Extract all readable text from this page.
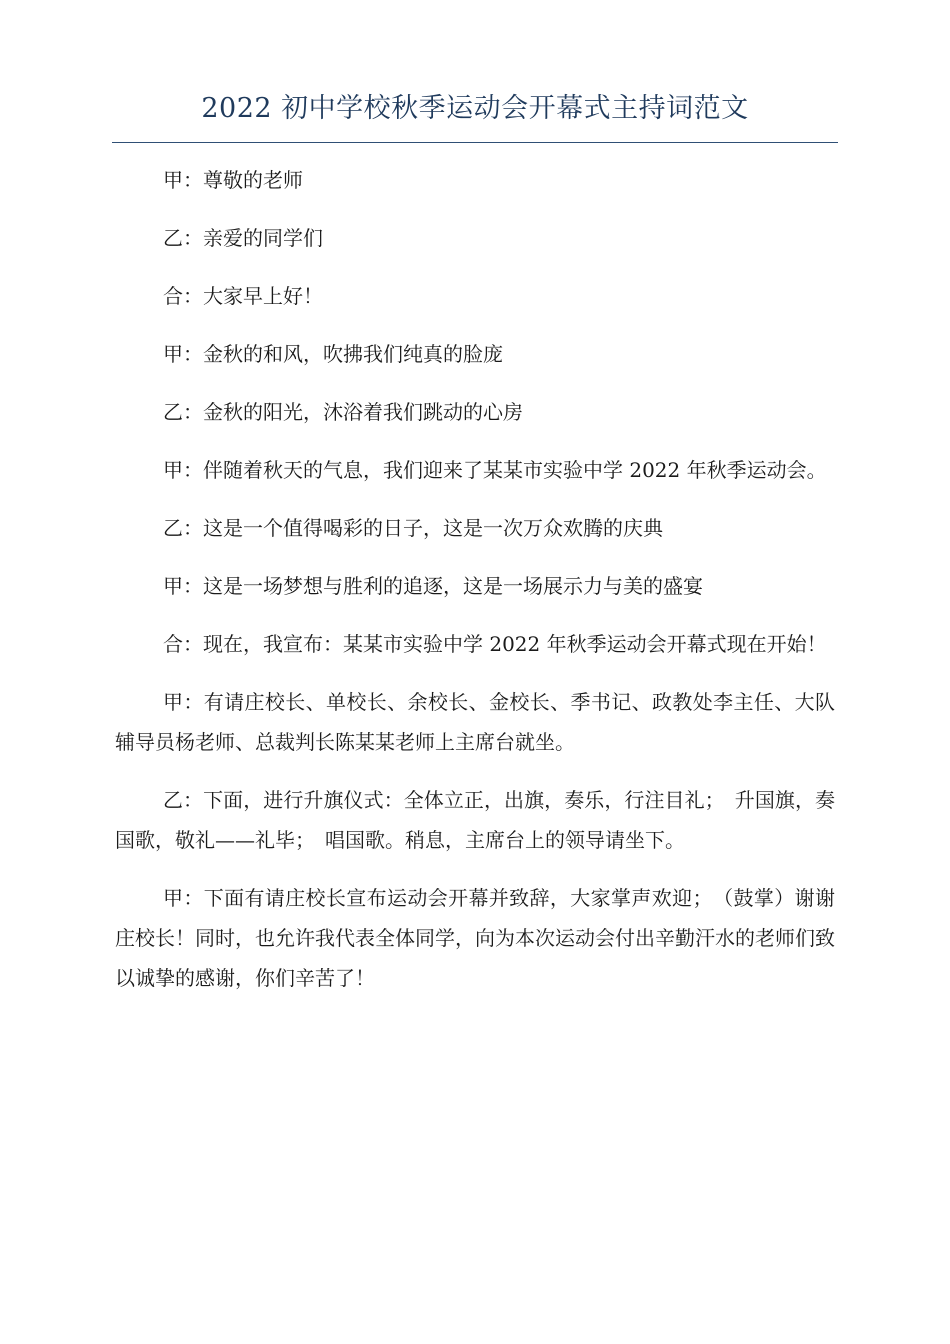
2022 初中学校秋季运动会开幕式主持词范文

甲：尊敬的老师

乙：亲爱的同学们

合：大家早上好！

甲：金秋的和风，吹拂我们纯真的脸庞

乙：金秋的阳光，沐浴着我们跳动的心房

甲：伴随着秋天的气息，我们迎来了某某市实验中学 2022 年秋季运动会。

乙：这是一个值得喝彩的日子，这是一次万众欢腾的庆典

甲：这是一场梦想与胜利的追逐，这是一场展示力与美的盛宴

合：现在，我宣布：某某市实验中学 2022 年秋季运动会开幕式现在开始！

甲：有请庄校长、单校长、余校长、金校长、季书记、政教处李主任、大队辅导员杨老师、总裁判长陈某某老师上主席台就坐。

乙：下面，进行升旗仪式：全体立正，出旗，奏乐，行注目礼；　升国旗，奏国歌，敬礼——礼毕；　唱国歌。稍息，主席台上的领导请坐下。

甲：下面有请庄校长宣布运动会开幕并致辞，大家掌声欢迎；　（鼓掌）谢谢庄校长！同时，也允许我代表全体同学，向为本次运动会付出辛勤汗水的老师们致以诚挚的感谢，你们辛苦了！
